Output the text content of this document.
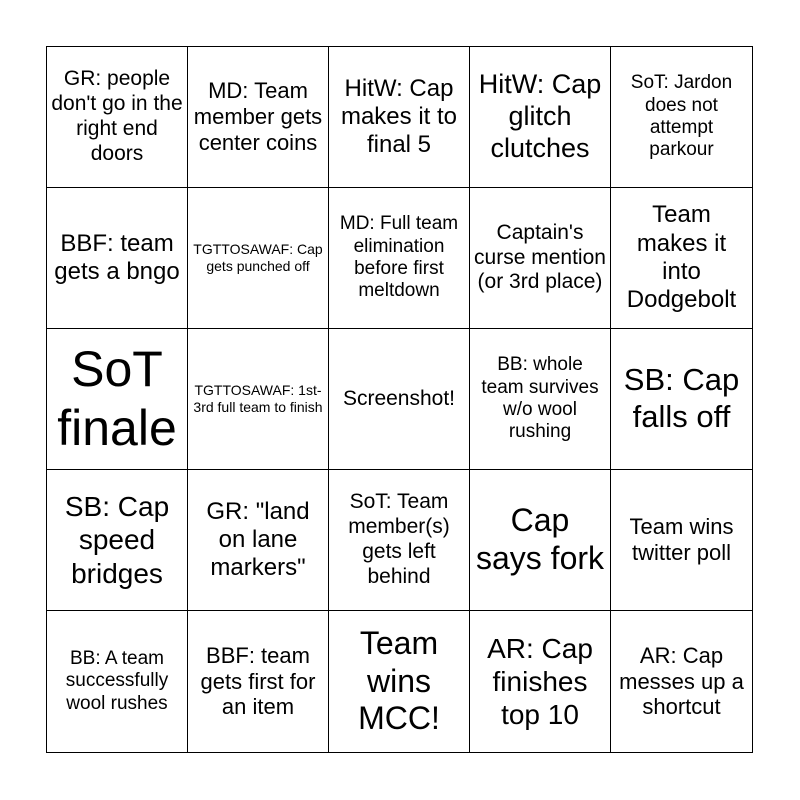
GR: people don't go in the right end doors
MD: Team member gets center coins
HitW: Cap makes it to final 5
HitW: Cap glitch clutches
SoT: Jardon does not attempt parkour
BBF: team gets a bngo
TGTTOSAWAF: Cap gets punched off
MD: Full team elimination before first meltdown
Captain's curse mention (or 3rd place)
Team makes it into Dodgebolt
SoT finale
TGTTOSAWAF: 1st-3rd full team to finish Screenshot!
BB: whole team survives w/o wool rushing
SB: Cap falls off
SB: Cap speed bridges
GR: "land on lane markers"
SoT: Team member(s) gets left behind
Cap says fork
Team wins twitter poll
BB: A team successfully wool rushes
BBF: team gets first for an item
Team wins MCC!
AR: Cap finishes top 10
AR: Cap messes up a shortcut
